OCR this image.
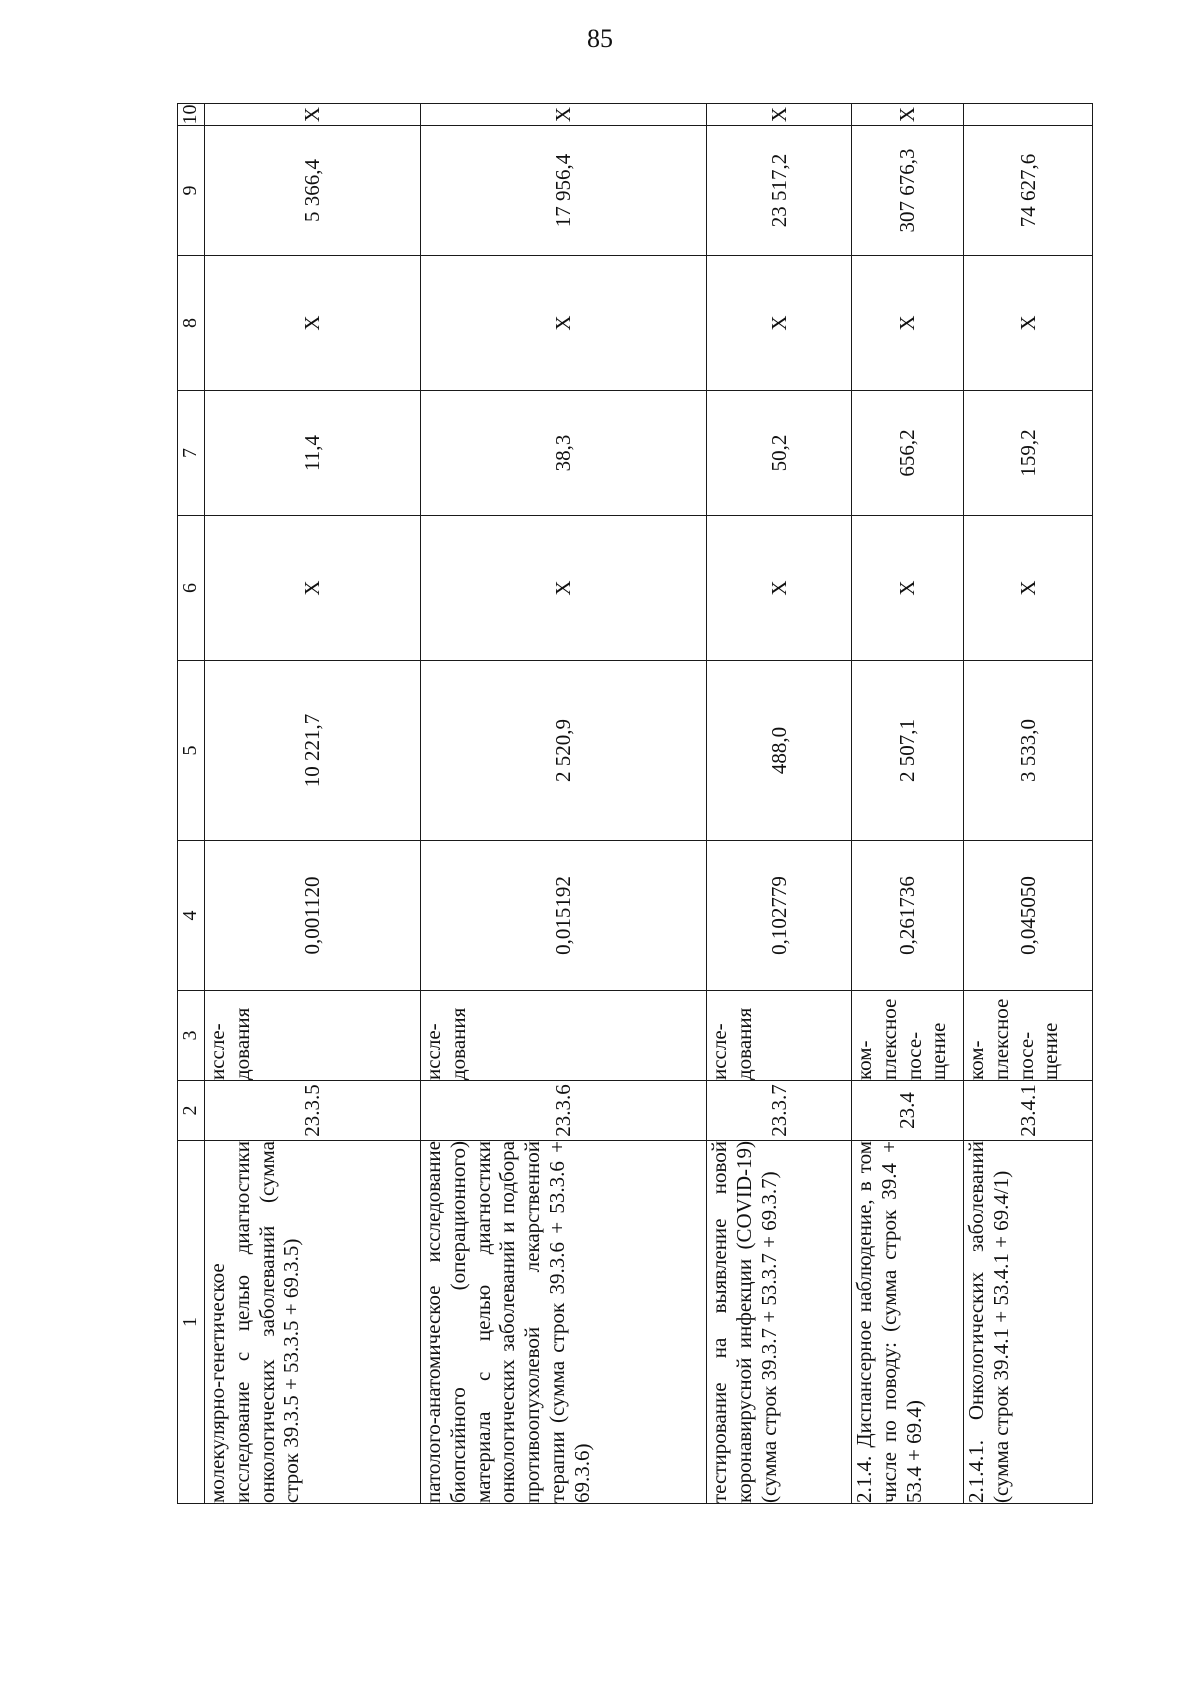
85
1	2	3	4	5	6	7	8	9	10
молекулярно-генетическое исследование с целью диагностики онкологических заболеваний (сумма строк 39.3.5 + 53.3.5 + 69.3.5)	23.3.5	иссле-дования	0,001120	10 221,7	X	11,4	X	5 366,4	X
патолого-анатомическое исследование биопсийного (операционного) материала с целью диагностики онкологических заболеваний и подбора противоопухолевой лекарственной терапии (сумма строк 39.3.6 + 53.3.6 + 69.3.6)	23.3.6	иссле-дования	0,015192	2 520,9	X	38,3	X	17 956,4	X
тестирование на выявление новой коронавирусной инфекции (COVID-19) (сумма строк 39.3.7 + 53.3.7 + 69.3.7)	23.3.7	иссле-дования	0,102779	488,0	X	50,2	X	23 517,2	X
2.1.4. Диспансерное наблюдение, в том числе по поводу: (сумма строк 39.4 + 53.4 + 69.4)	23.4	ком-плексное посе-щение	0,261736	2 507,1	X	656,2	X	307 676,3	X
2.1.4.1. Онкологических заболеваний (сумма строк 39.4.1 + 53.4.1 + 69.4/1)	23.4.1	ком-плексное посе-щение	0,045050	3 533,0	X	159,2	X	74 627,6	
